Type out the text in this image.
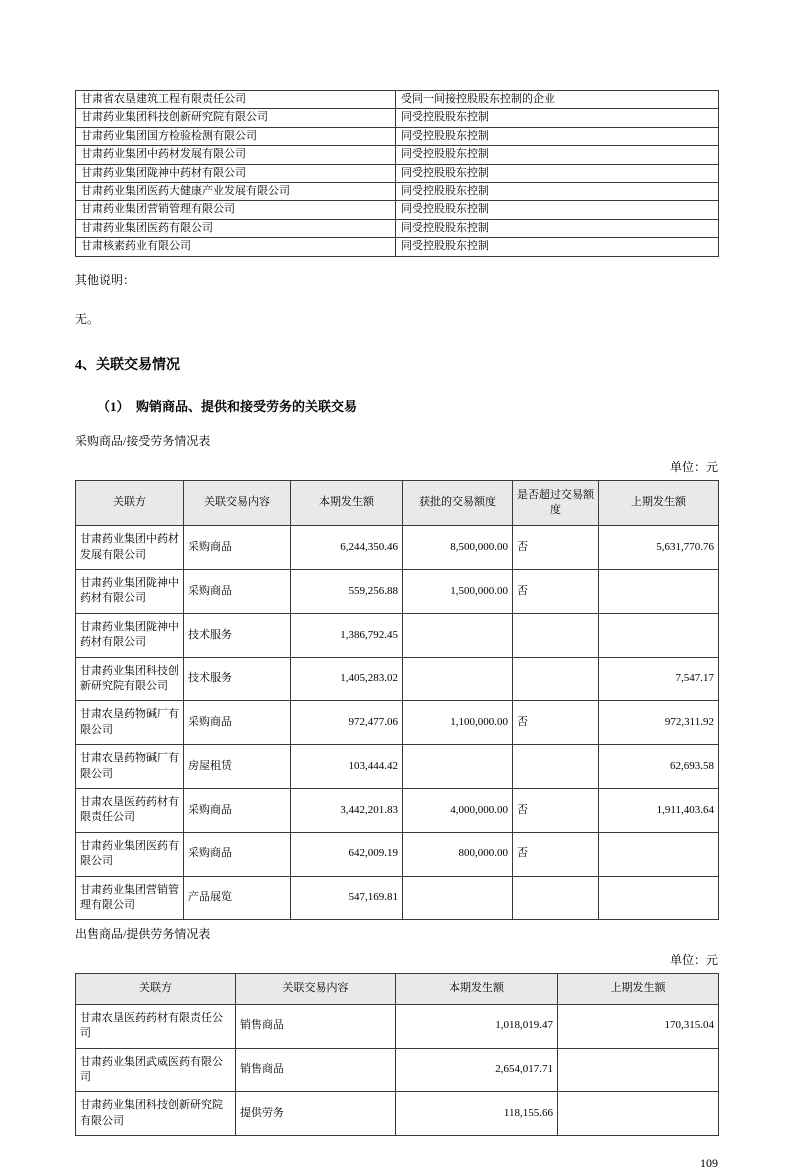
甘肃省农垦建筑工程有限责任公司	受同一间接控股股东控制的企业
甘肃药业集团科技创新研究院有限公司	同受控股股东控制
甘肃药业集团国方检验检测有限公司	同受控股股东控制
甘肃药业集团中药材发展有限公司	同受控股股东控制
甘肃药业集团陇神中药材有限公司	同受控股股东控制
甘肃药业集团医药大健康产业发展有限公司	同受控股股东控制
甘肃药业集团营销管理有限公司	同受控股股东控制
甘肃药业集团医药有限公司	同受控股股东控制
甘肃核素药业有限公司	同受控股股东控制

其他说明：

无。

4、关联交易情况
（1）　购销商品、提供和接受劳务的关联交易

采购商品/接受劳务情况表

单位：元

关联方	关联交易内容	本期发生额	获批的交易额度	是否超过交易额度	上期发生额
甘肃药业集团中药材发展有限公司	采购商品	6,244,350.46	8,500,000.00	否	5,631,770.76
甘肃药业集团陇神中药材有限公司	采购商品	559,256.88	1,500,000.00	否	
甘肃药业集团陇神中药材有限公司	技术服务	1,386,792.45			
甘肃药业集团科技创新研究院有限公司	技术服务	1,405,283.02			7,547.17
甘肃农垦药物碱厂有限公司	采购商品	972,477.06	1,100,000.00	否	972,311.92
甘肃农垦药物碱厂有限公司	房屋租赁	103,444.42			62,693.58
甘肃农垦医药药材有限责任公司	采购商品	3,442,201.83	4,000,000.00	否	1,911,403.64
甘肃药业集团医药有限公司	采购商品	642,009.19	800,000.00	否	
甘肃药业集团营销管理有限公司	产品展览	547,169.81			

出售商品/提供劳务情况表

单位：元

关联方	关联交易内容	本期发生额	上期发生额
甘肃农垦医药药材有限责任公司	销售商品	1,018,019.47	170,315.04
甘肃药业集团武威医药有限公司	销售商品	2,654,017.71	
甘肃药业集团科技创新研究院有限公司	提供劳务	118,155.66	

109
